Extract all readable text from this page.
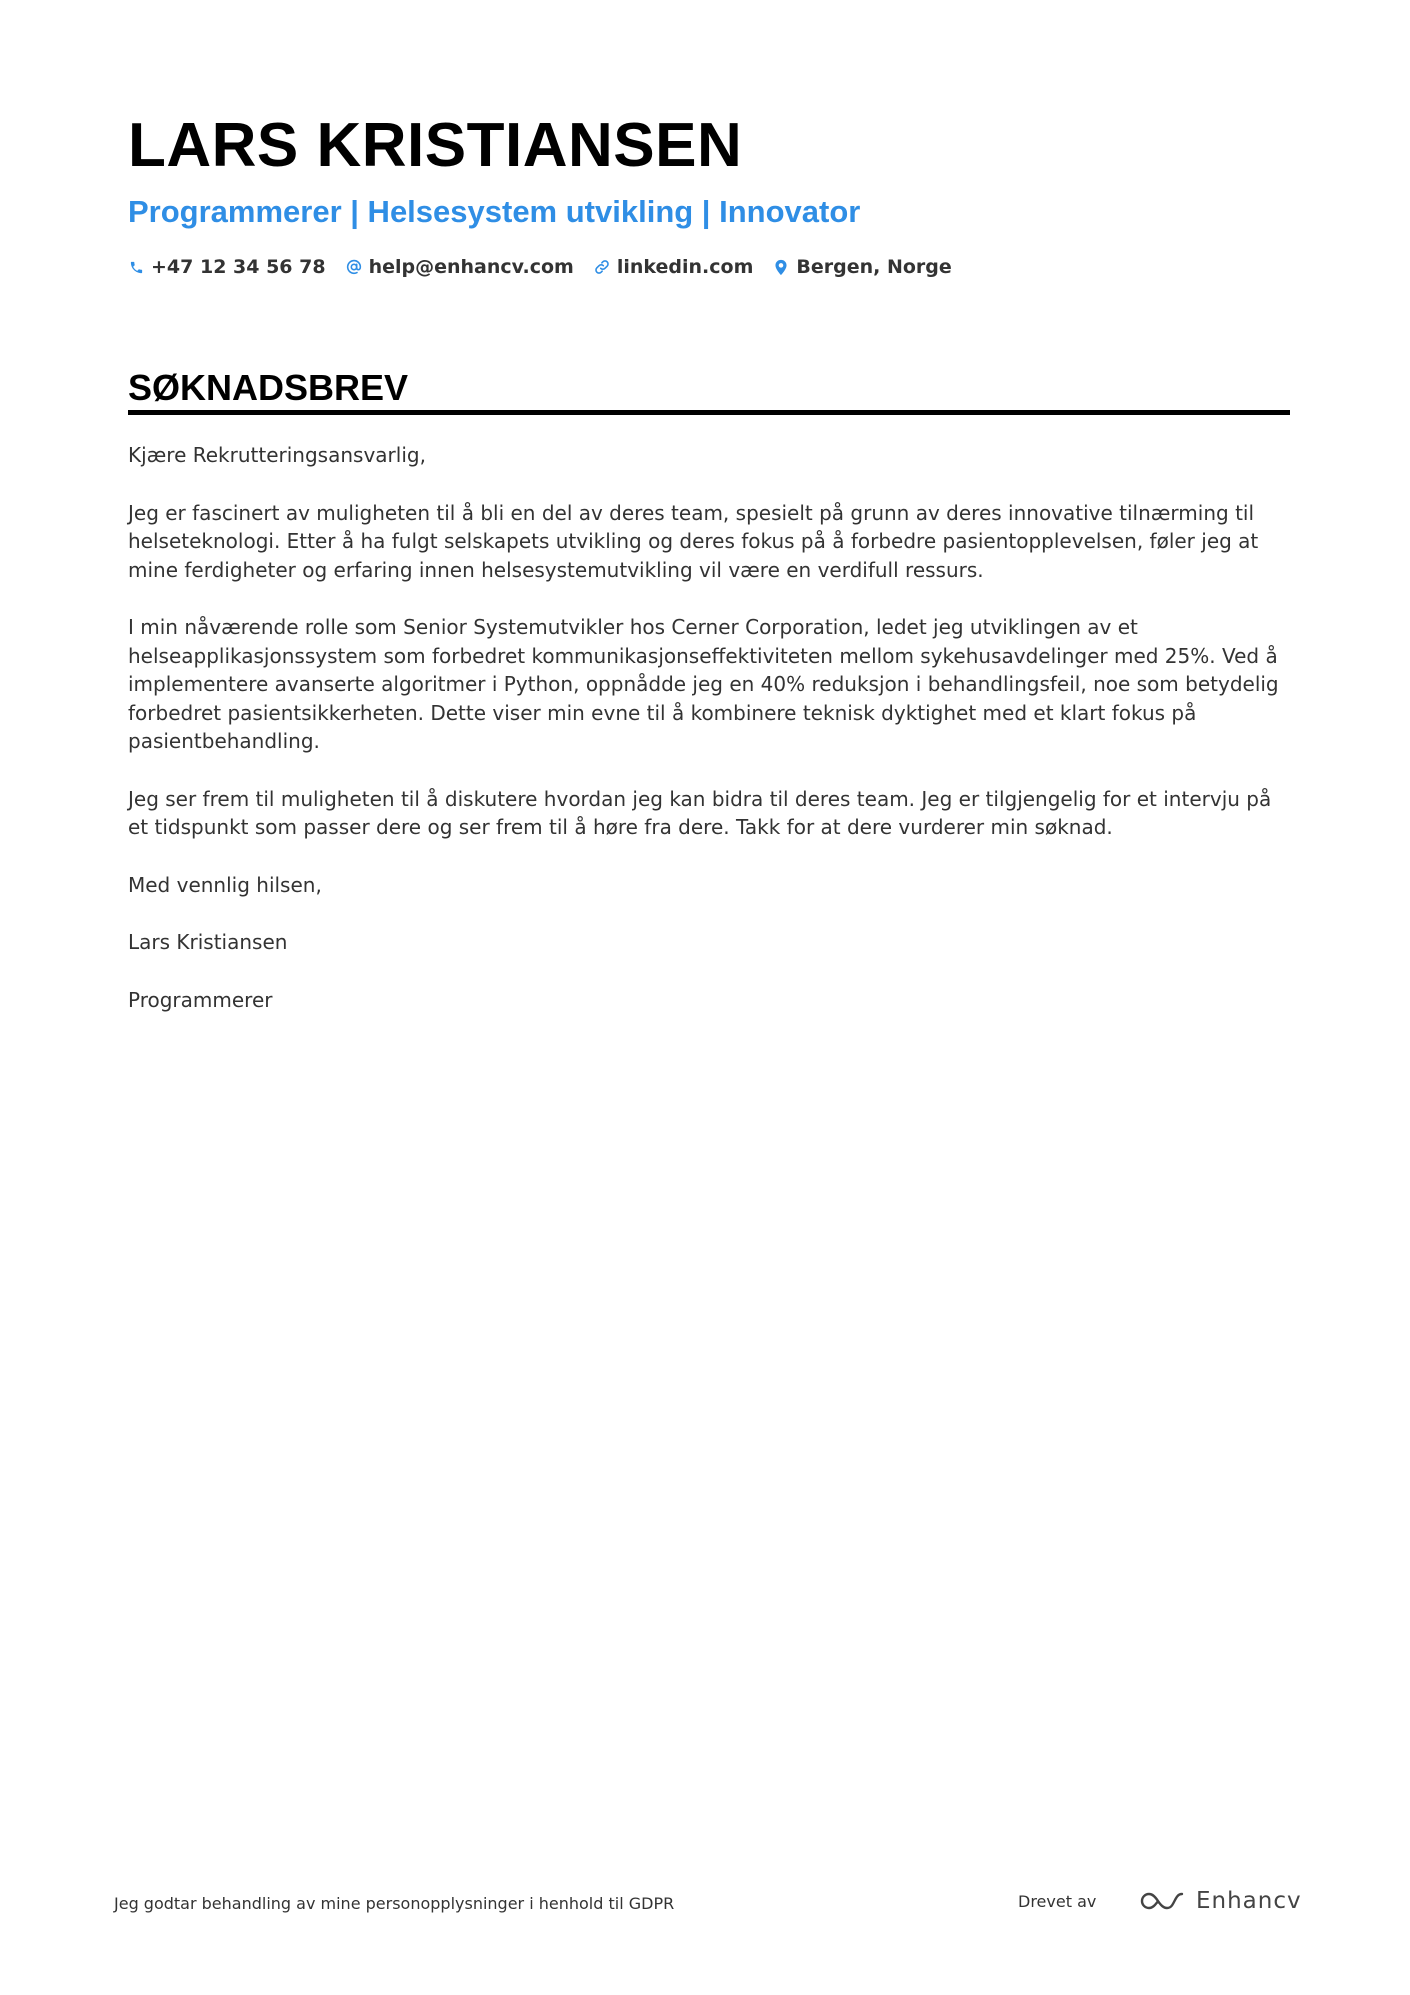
LARS KRISTIANSEN
Programmerer | Helsesystem utvikling | Innovator
+47 12 34 56 78 help@enhancv.com linkedin.com Bergen, Norge
SØKNADSBREV

Kjære Rekrutteringsansvarlig,

Jeg er fascinert av muligheten til å bli en del av deres team, spesielt på grunn av deres innovative tilnærming til helseteknologi. Etter å ha fulgt selskapets utvikling og deres fokus på å forbedre pasientopplevelsen, føler jeg at mine ferdigheter og erfaring innen helsesystemutvikling vil være en verdifull ressurs.

I min nåværende rolle som Senior Systemutvikler hos Cerner Corporation, ledet jeg utviklingen av et helseapplikasjonssystem som forbedret kommunikasjonseffektiviteten mellom sykehusavdelinger med 25%. Ved å implementere avanserte algoritmer i Python, oppnådde jeg en 40% reduksjon i behandlingsfeil, noe som betydelig forbedret pasientsikkerheten. Dette viser min evne til å kombinere teknisk dyktighet med et klart fokus på pasientbehandling.

Jeg ser frem til muligheten til å diskutere hvordan jeg kan bidra til deres team. Jeg er tilgjengelig for et intervju på et tidspunkt som passer dere og ser frem til å høre fra dere. Takk for at dere vurderer min søknad.

Med vennlig hilsen,

Lars Kristiansen

Programmerer

Jeg godtar behandling av mine personopplysninger i henhold til GDPR	Drevet av	Enhancv
